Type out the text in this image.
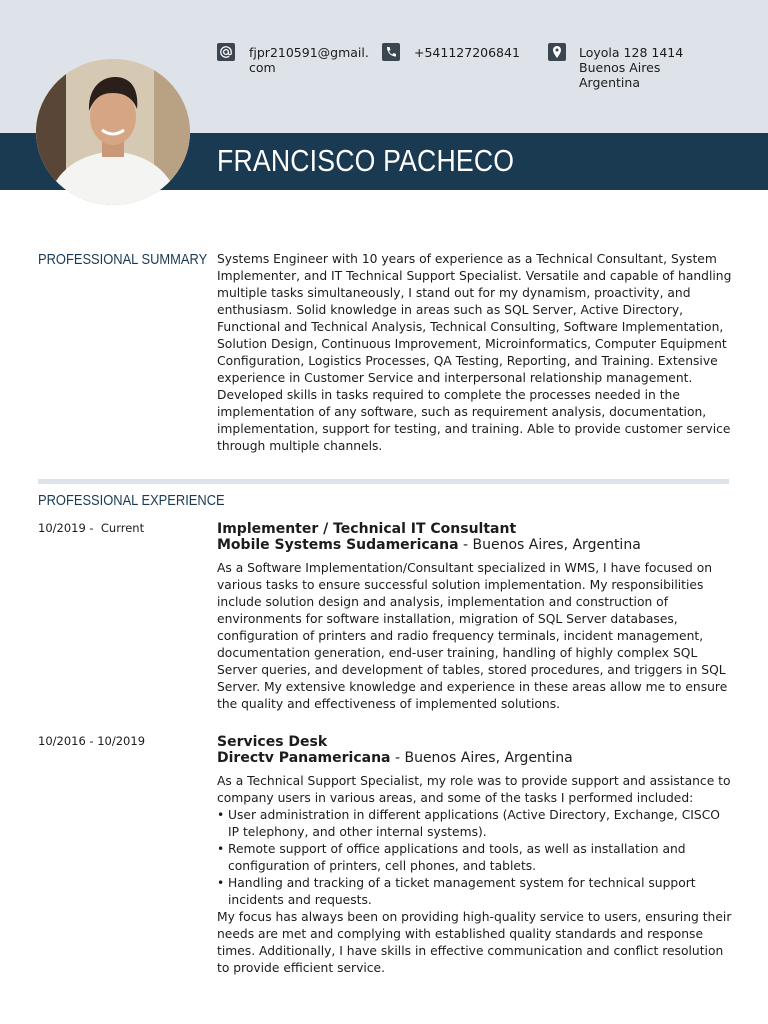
FRANCISCO PACHECO
fjpr210591@gmail.
com
+541127206841	Loyola 128 1414
Buenos Aires
Argentina
PROFESSIONAL SUMMARY Systems Engineer with 10 years of experience as a Technical Consultant, System Implementer, and IT Technical Support Specialist. Versatile and capable of handling multiple tasks simultaneously, I stand out for my dynamism, proactivity, and enthusiasm. Solid knowledge in areas such as SQL Server, Active Directory, Functional and Technical Analysis, Technical Consulting, Software Implementation, Solution Design, Continuous Improvement, Microinformatics, Computer Equipment Configuration, Logistics Processes, QA Testing, Reporting, and Training. Extensive experience in Customer Service and interpersonal relationship management. Developed skills in tasks required to complete the processes needed in the implementation of any software, such as requirement analysis, documentation, implementation, support for testing, and training. Able to provide customer service through multiple channels.
PROFESSIONAL EXPERIENCE
10/2019 -  Current	Implementer / Technical IT Consultant
Mobile Systems Sudamericana - Buenos Aires, Argentina
As a Software Implementation/Consultant specialized in WMS, I have focused on various tasks to ensure successful solution implementation. My responsibilities include solution design and analysis, implementation and construction of environments for software installation, migration of SQL Server databases, configuration of printers and radio frequency terminals, incident management, documentation generation, end-user training, handling of highly complex SQL Server queries, and development of tables, stored procedures, and triggers in SQL Server. My extensive knowledge and experience in these areas allow me to ensure the quality and effectiveness of implemented solutions.
10/2016 - 10/2019	Services Desk
Directv Panamericana - Buenos Aires, Argentina
As a Technical Support Specialist, my role was to provide support and assistance to company users in various areas, and some of the tasks I performed included:
• User administration in different applications (Active Directory, Exchange, CISCO IP telephony, and other internal systems).
• Remote support of office applications and tools, as well as installation and configuration of printers, cell phones, and tablets.
• Handling and tracking of a ticket management system for technical support incidents and requests.
My focus has always been on providing high-quality service to users, ensuring their needs are met and complying with established quality standards and response times. Additionally, I have skills in effective communication and conflict resolution to provide efficient service.
